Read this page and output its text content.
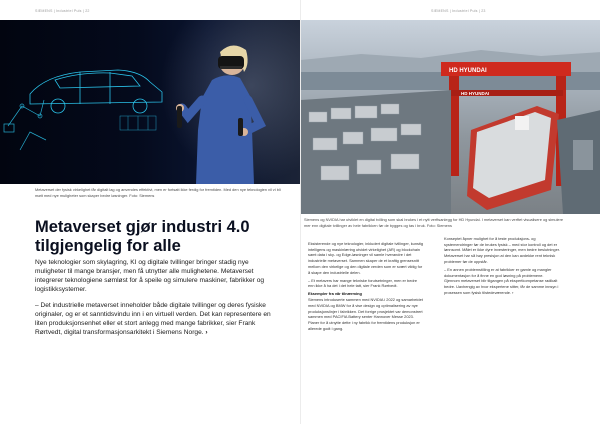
SIEMENS | Industriel Puls | 22
Metaverset der fysisk virkelighet får digitalt lag og anvendes effektivt, men er fortsatt ikke ferdig for fremtiden. Med den nye teknologien vil vi bli møtt med nye muligheter som skaper bedre løsninger. Foto: Siemens
Metaverset gjør industri 4.0 tilgjengelig for alle

Nye teknologier som skylagring, KI og digitale tvillinger bringer stadig nye muligheter til mange bransjer, men få utnytter alle mulighetene. Metaverset integrerer teknologiene sømløst for å speile og simulere maskiner, fabrikker og logistikksystemer.

– Det industrielle metaverset inneholder både digitale tvillinger og deres fysiske originaler, og er et sanntidsvindu inn i en virtuell verden. Det kan representere en liten produksjonsenhet eller et stort anlegg med mange fabrikker, sier Frank Rørtvedt, digital transformasjonsarkitekt i Siemens Norge. ›

SIEMENS | Industriel Puls | 23
HD HYUNDAI
HD HYUNDAI
Siemens og NVIDIA har utviklet en digital tvilling som skal brukes i et nytt verftsanlegg for HD Hyundai. I metaverset kan verftet visualisere og simulere mer enn digitale tvillinger av hele fabrikken før de bygges og tas i bruk. Foto: Siemens

Eksisterende og nye teknologier, inkludert digitale tvillinger, kunstig intelligens og maskinlæring utvidet virkelighet (AR) og blockchain samt data i sky- og Edge-løsninger vil samle hverandre i det industrielle metaverset. Sammen skaper de et kraftig grensesnitt mellom den virkelige og den digitale verden som er svært viktig for å skape den industrielle delen.

– Et metavers har mange tekniske forutsetninger, men er bedre enn ikke å ha det i det hele tatt, sier Frank Rørtvedt.

Eksempler fra vår tilnærming

Siemens introduserte sammen med NVIDIA i 2022 og samarbeidet med NVIDIA og BMW for å vise design og optimalisering av nye produksjonslinjer i fabrikken. Det forrige prosjektet var demonstrert sammen med PACIFIA Battery senter Hannover Messe 2023. Planer for å utnytte dette i ny fabrikk for fremtidens produksjon er allerede godt i gang.

Konseptet åpner mulighet for å teste produksjons- og systemendringer før de brukes fysisk – med stor kontroll og det er lønnsomt. Målet er ikke dyre investeringer, men bedre beslutninger. Metaverset har så høy presisjon at den kan avdekke rent teknisk problemer før de oppstår.

– En annen problemstilling er at fabrikker er gamle og mangler dokumentasjon for å finne en god løsning på problemene. Gjennom metaverset blir tilgangen på ekspertkompetanse radikalt bedre. Uavhengig av hvor ekspertene sitter, får de samme innsyn i prosessen som fysisk tilstedeværende. ›
